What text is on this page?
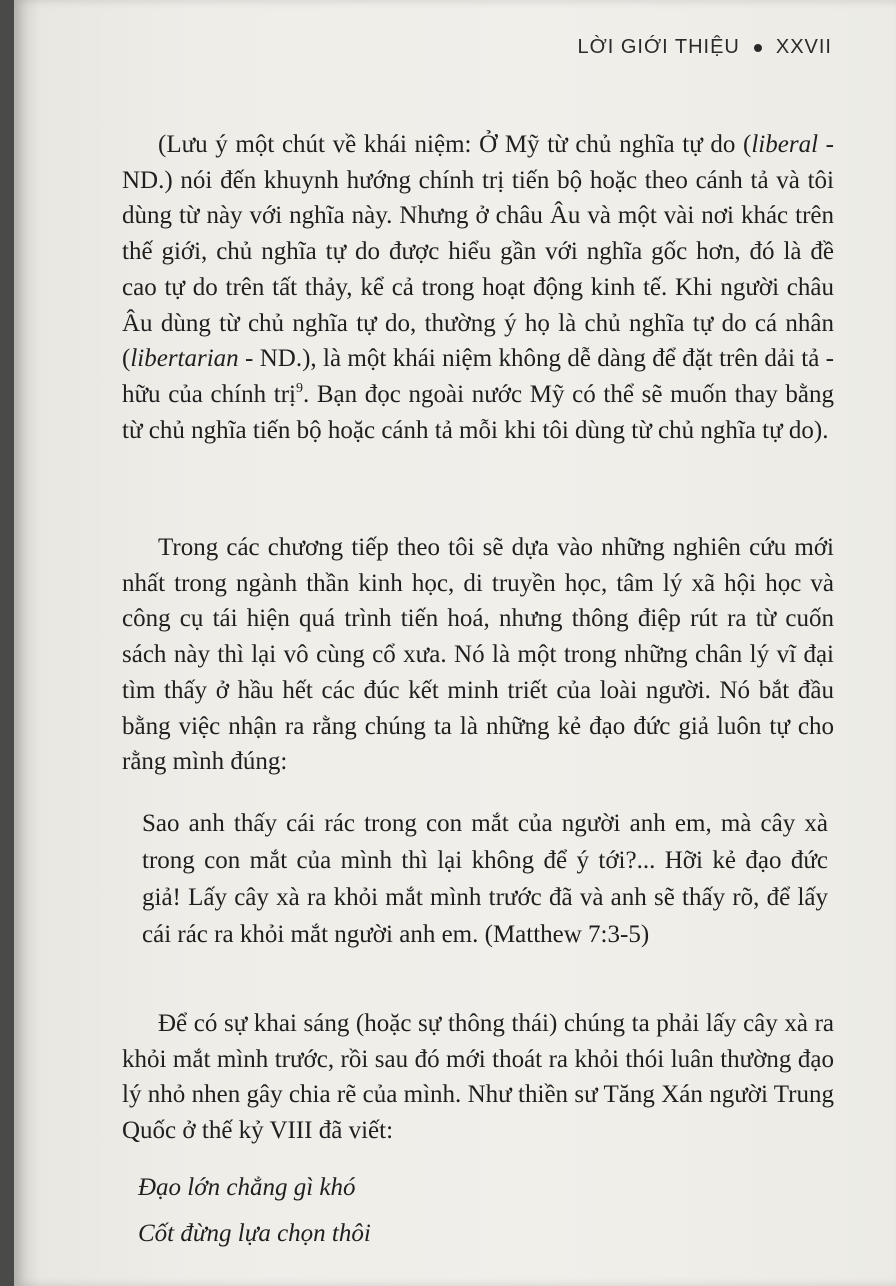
LỜI GIỚI THIỆU XXVII

(Lưu ý một chút về khái niệm: Ở Mỹ từ chủ nghĩa tự do (liberal - ND.) nói đến khuynh hướng chính trị tiến bộ hoặc theo cánh tả và tôi dùng từ này với nghĩa này. Nhưng ở châu Âu và một vài nơi khác trên thế giới, chủ nghĩa tự do được hiểu gần với nghĩa gốc hơn, đó là đề cao tự do trên tất thảy, kể cả trong hoạt động kinh tế. Khi người châu Âu dùng từ chủ nghĩa tự do, thường ý họ là chủ nghĩa tự do cá nhân (libertarian - ND.), là một khái niệm không dễ dàng để đặt trên dải tả - hữu của chính trị$^9$. Bạn đọc ngoài nước Mỹ có thể sẽ muốn thay bằng từ chủ nghĩa tiến bộ hoặc cánh tả mỗi khi tôi dùng từ chủ nghĩa tự do).

Trong các chương tiếp theo tôi sẽ dựa vào những nghiên cứu mới nhất trong ngành thần kinh học, di truyền học, tâm lý xã hội học và công cụ tái hiện quá trình tiến hoá, nhưng thông điệp rút ra từ cuốn sách này thì lại vô cùng cổ xưa. Nó là một trong những chân lý vĩ đại tìm thấy ở hầu hết các đúc kết minh triết của loài người. Nó bắt đầu bằng việc nhận ra rằng chúng ta là những kẻ đạo đức giả luôn tự cho rằng mình đúng:

Sao anh thấy cái rác trong con mắt của người anh em, mà cây xà trong con mắt của mình thì lại không để ý tới?... Hỡi kẻ đạo đức giả! Lấy cây xà ra khỏi mắt mình trước đã và anh sẽ thấy rõ, để lấy cái rác ra khỏi mắt người anh em. (Matthew 7:3-5)

Để có sự khai sáng (hoặc sự thông thái) chúng ta phải lấy cây xà ra khỏi mắt mình trước, rồi sau đó mới thoát ra khỏi thói luân thường đạo lý nhỏ nhen gây chia rẽ của mình. Như thiền sư Tăng Xán người Trung Quốc ở thế kỷ VIII đã viết:

Đạo lớn chẳng gì khó
Cốt đừng lựa chọn thôi
